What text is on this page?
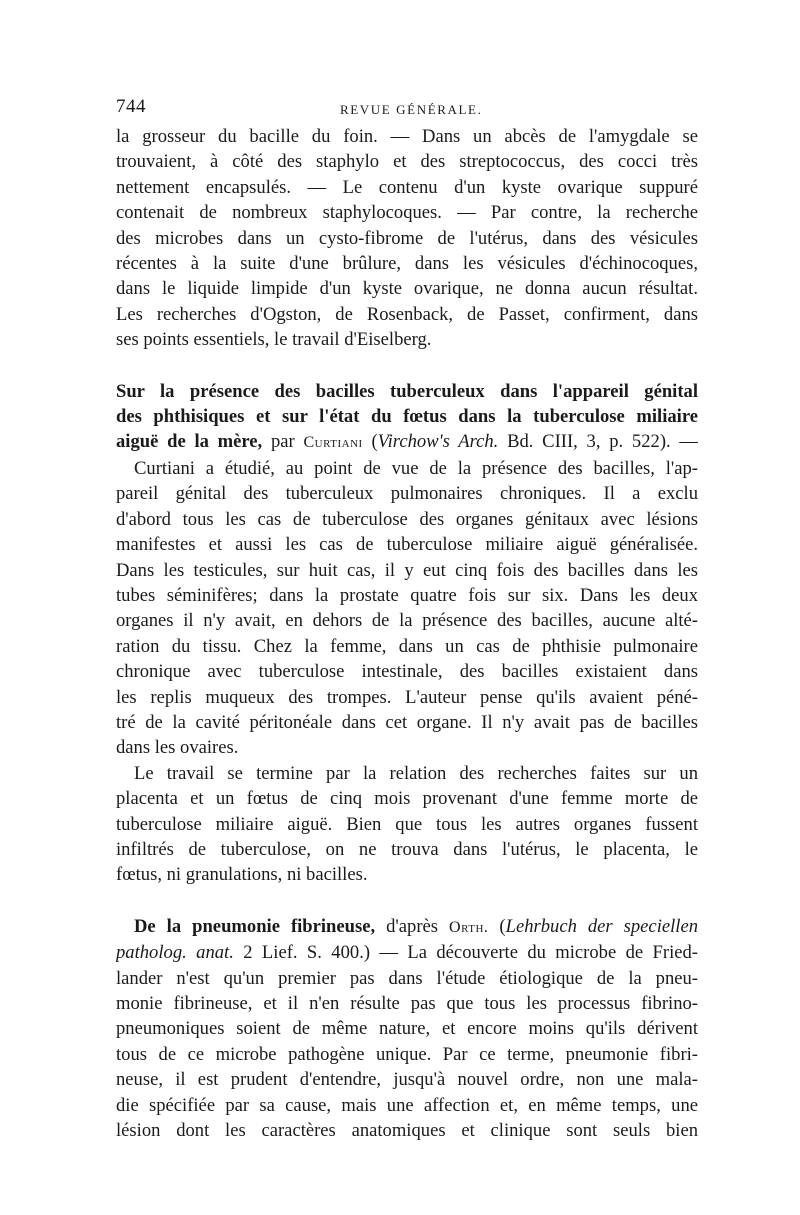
744	REVUE GÉNÉRALE.
la grosseur du bacille du foin. — Dans un abcès de l'amygdale se
trouvaient, à côté des staphylo et des streptococcus, des cocci très
nettement encapsulés. — Le contenu d'un kyste ovarique suppuré
contenait de nombreux staphylocoques. — Par contre, la recherche
des microbes dans un cysto-fibrome de l'utérus, dans des vésicules
récentes à la suite d'une brûlure, dans les vésicules d'échinocoques,
dans le liquide limpide d'un kyste ovarique, ne donna aucun résultat.
Les recherches d'Ogston, de Rosenback, de Passet, confirment, dans
ses points essentiels, le travail d'Eiselberg.
Sur la présence des bacilles tuberculeux dans l'appareil génital
des phthisiques et sur l'état du fœtus dans la tuberculose miliaire
aiguë de la mère, par Curtiani (Virchow's Arch. Bd. CIII, 3, p. 522). —
Curtiani a étudié, au point de vue de la présence des bacilles, l'ap-
pareil génital des tuberculeux pulmonaires chroniques. Il a exclu
d'abord tous les cas de tuberculose des organes génitaux avec lésions
manifestes et aussi les cas de tuberculose miliaire aiguë généralisée.
Dans les testicules, sur huit cas, il y eut cinq fois des bacilles dans les
tubes séminifères; dans la prostate quatre fois sur six. Dans les deux
organes il n'y avait, en dehors de la présence des bacilles, aucune alté-
ration du tissu. Chez la femme, dans un cas de phthisie pulmonaire
chronique avec tuberculose intestinale, des bacilles existaient dans
les replis muqueux des trompes. L'auteur pense qu'ils avaient péné-
tré de la cavité péritonéale dans cet organe. Il n'y avait pas de bacilles
dans les ovaires.
Le travail se termine par la relation des recherches faites sur un
placenta et un fœtus de cinq mois provenant d'une femme morte de
tuberculose miliaire aiguë. Bien que tous les autres organes fussent
infiltrés de tuberculose, on ne trouva dans l'utérus, le placenta, le
fœtus, ni granulations, ni bacilles.
De la pneumonie fibrineuse, d'après Orth. (Lehrbuch der speciellen
patholog. anat. 2 Lief. S. 400.) — La découverte du microbe de Fried-
lander n'est qu'un premier pas dans l'étude étiologique de la pneu-
monie fibrineuse, et il n'en résulte pas que tous les processus fibrino-
pneumoniques soient de même nature, et encore moins qu'ils dérivent
tous de ce microbe pathogène unique. Par ce terme, pneumonie fibri-
neuse, il est prudent d'entendre, jusqu'à nouvel ordre, non une mala-
die spécifiée par sa cause, mais une affection et, en même temps, une
lésion dont les caractères anatomiques et clinique sont seuls bien
